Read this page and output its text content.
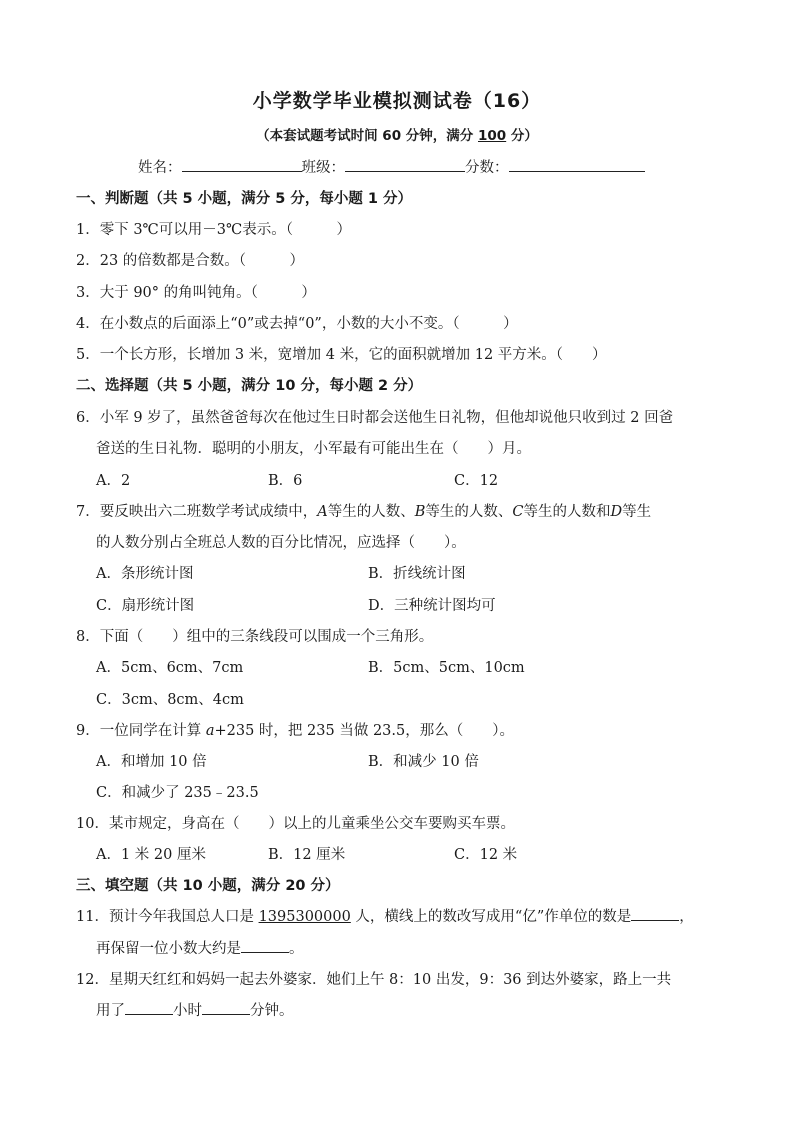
小学数学毕业模拟测试卷（16）
（本套试题考试时间 60 分钟，满分 100 分）
姓名：	班级：	分数：
一、判断题（共 5 小题，满分 5 分，每小题 1 分）
1．零下 3℃可以用－3℃表示。（　　　）
2．23 的倍数都是合数。（　　　）
3．大于 90° 的角叫钝角。（　　　）
4．在小数点的后面添上“0”或去掉“0”，小数的大小不变。（　　　）
5．一个长方形，长增加 3 米，宽增加 4 米，它的面积就增加 12 平方米。（　　）
二、选择题（共 5 小题，满分 10 分，每小题 2 分）
6．小军 9 岁了，虽然爸爸每次在他过生日时都会送他生日礼物，但他却说他只收到过 2 回爸
爸送的生日礼物．聪明的小朋友，小军最有可能出生在（　　）月。
A．2	B．6	C．12
7．要反映出六二班数学考试成绩中，A等生的人数、B等生的人数、C等生的人数和D等生
的人数分别占全班总人数的百分比情况，应选择（　　）。
A．条形统计图	B．折线统计图
C．扇形统计图	D．三种统计图均可
8．下面（　　）组中的三条线段可以围成一个三角形。
A．5cm、6cm、7cm	B．5cm、5cm、10cm
C．3cm、8cm、4cm
9．一位同学在计算 a+235 时，把 235 当做 23.5，那么（　　）。
A．和增加 10 倍	B．和减少 10 倍
C．和减少了 235﹣23.5
10．某市规定，身高在（　　）以上的儿童乘坐公交车要购买车票。
A．1 米 20 厘米	B．12 厘米	C．12 米
三、填空题（共 10 小题，满分 20 分）
11．预计今年我国总人口是 1395300000 人，横线上的数改写成用“亿”作单位的数是	，
再保留一位小数大约是	。
12．星期天红红和妈妈一起去外婆家．她们上午 8：10 出发，9：36 到达外婆家，路上一共
用了	小时	分钟。
